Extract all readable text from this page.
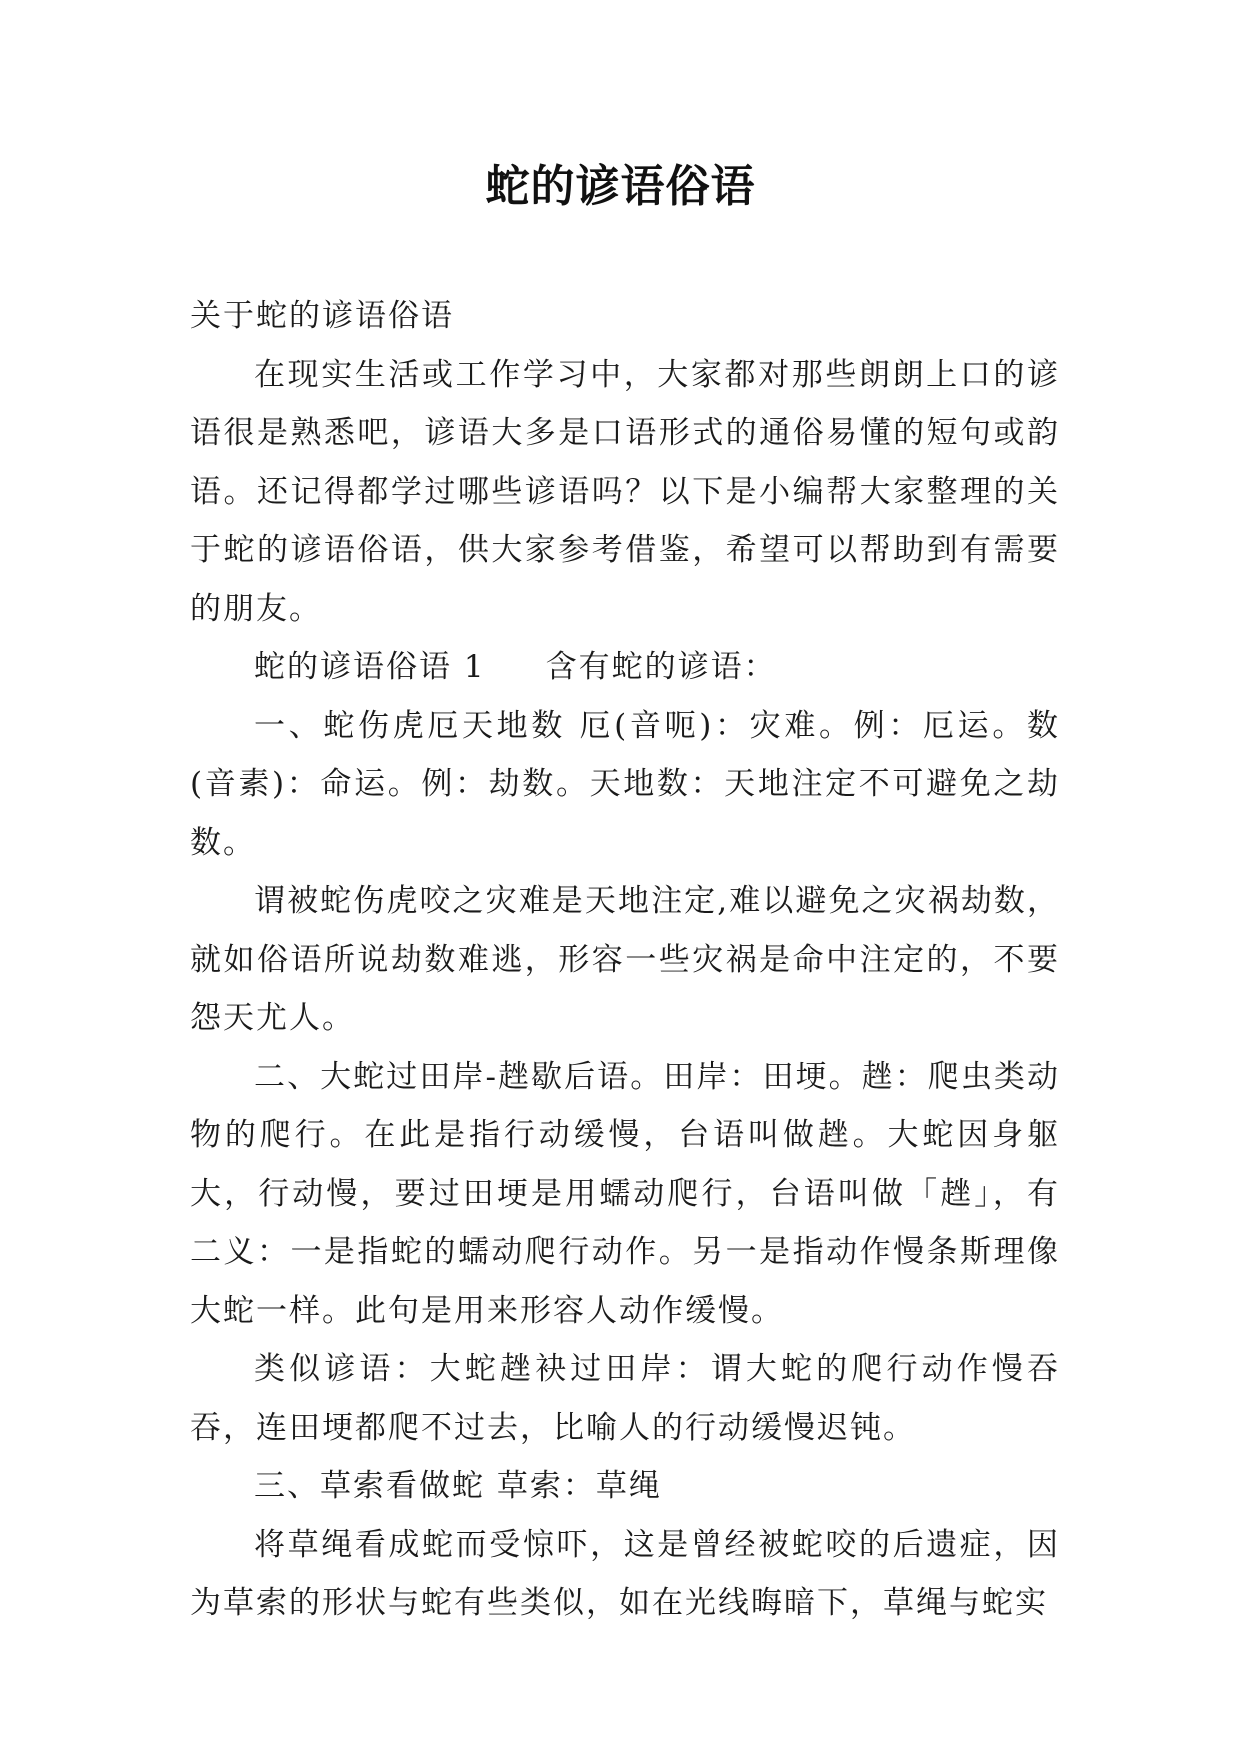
蛇的谚语俗语

关于蛇的谚语俗语

在现实生活或工作学习中，大家都对那些朗朗上口的谚语很是熟悉吧，谚语大多是口语形式的通俗易懂的短句或韵语。还记得都学过哪些谚语吗？以下是小编帮大家整理的关于蛇的谚语俗语，供大家参考借鉴，希望可以帮助到有需要的朋友。

蛇的谚语俗语 1 含有蛇的谚语：

一、蛇伤虎厄天地数 厄(音呃)：灾难。例：厄运。数(音素)：命运。例：劫数。天地数：天地注定不可避免之劫数。

谓被蛇伤虎咬之灾难是天地注定,难以避免之灾祸劫数，就如俗语所说劫数难逃，形容一些灾祸是命中注定的，不要怨天尤人。

二、大蛇过田岸-趖歇后语。田岸：田埂。趖：爬虫类动物的爬行。在此是指行动缓慢，台语叫做趖。大蛇因身躯大，行动慢，要过田埂是用蠕动爬行，台语叫做「趖」，有二义：一是指蛇的蠕动爬行动作。另一是指动作慢条斯理像大蛇一样。此句是用来形容人动作缓慢。

类似谚语：大蛇趖袂过田岸：谓大蛇的爬行动作慢吞吞，连田埂都爬不过去，比喻人的行动缓慢迟钝。

三、草索看做蛇 草索：草绳

将草绳看成蛇而受惊吓，这是曾经被蛇咬的后遗症，因为草索的形状与蛇有些类似，如在光线晦暗下，草绳与蛇实
